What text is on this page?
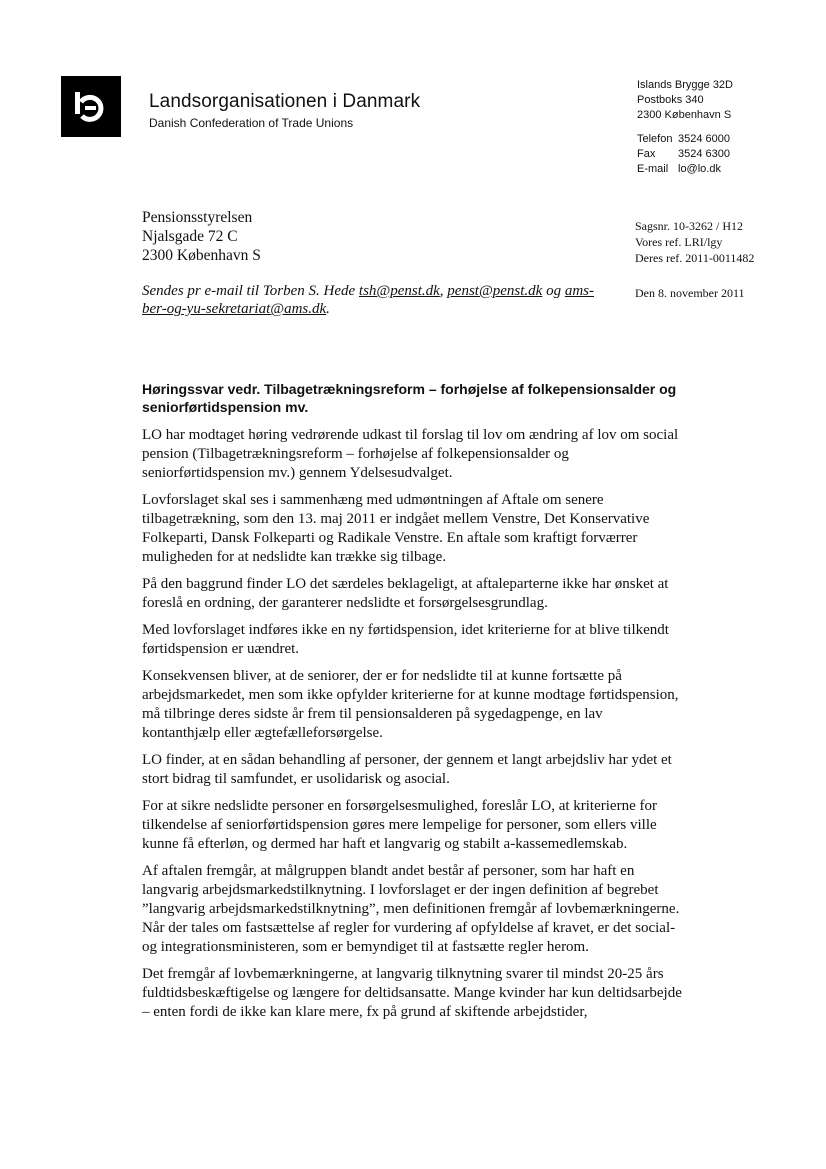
Landsorganisationen i Danmark
Danish Confederation of Trade Unions
Islands Brygge 32D
Postboks 340
2300 København S
Telefon 3524 6000
Fax 3524 6300
E-mail lo@lo.dk
Pensionsstyrelsen
Njalsgade 72 C
2300 København S
Sagsnr. 10-3262 / H12
Vores ref. LRI/lgy
Deres ref. 2011-0011482
Sendes pr e-mail til Torben S. Hede tsh@penst.dk, penst@penst.dk og ams-ber-og-yu-sekretariat@ams.dk.
Den 8. november 2011
Høringssvar vedr. Tilbagetrækningsreform – forhøjelse af folkepensionsalder og seniorførtidspension mv.

LO har modtaget høring vedrørende udkast til forslag til lov om ændring af lov om social pension (Tilbagetrækningsreform – forhøjelse af folkepensionsalder og seniorførtidspension mv.) gennem Ydelsesudvalget.

Lovforslaget skal ses i sammenhæng med udmøntningen af Aftale om senere tilbagetrækning, som den 13. maj 2011 er indgået mellem Venstre, Det Konservative Folkeparti, Dansk Folkeparti og Radikale Venstre. En aftale som kraftigt forværrer muligheden for at nedslidte kan trække sig tilbage.

På den baggrund finder LO det særdeles beklageligt, at aftaleparterne ikke har ønsket at foreslå en ordning, der garanterer nedslidte et forsørgelsesgrundlag.

Med lovforslaget indføres ikke en ny førtidspension, idet kriterierne for at blive tilkendt førtidspension er uændret.

Konsekvensen bliver, at de seniorer, der er for nedslidte til at kunne fortsætte på arbejdsmarkedet, men som ikke opfylder kriterierne for at kunne modtage førtidspension, må tilbringe deres sidste år frem til pensionsalderen på sygedagpenge, en lav kontanthjælp eller ægtefælleforsørgelse.

LO finder, at en sådan behandling af personer, der gennem et langt arbejdsliv har ydet et stort bidrag til samfundet, er usolidarisk og asocial.

For at sikre nedslidte personer en forsørgelsesmulighed, foreslår LO, at kriterierne for tilkendelse af seniorførtidspension gøres mere lempelige for personer, som ellers ville kunne få efterløn, og dermed har haft et langvarig og stabilt a-kassemedlemskab.

Af aftalen fremgår, at målgruppen blandt andet består af personer, som har haft en langvarig arbejdsmarkedstilknytning. I lovforslaget er der ingen definition af begrebet ”langvarig arbejdsmarkedstilknytning”, men definitionen fremgår af lovbemærkningerne. Når der tales om fastsættelse af regler for vurdering af opfyldelse af kravet, er det social- og integrationsministeren, som er bemyndiget til at fastsætte regler herom.

Det fremgår af lovbemærkningerne, at langvarig tilknytning svarer til mindst 20-25 års fuldtidsbeskæftigelse og længere for deltidsansatte. Mange kvinder har kun deltidsarbejde – enten fordi de ikke kan klare mere, fx på grund af skiftende arbejdstider,
